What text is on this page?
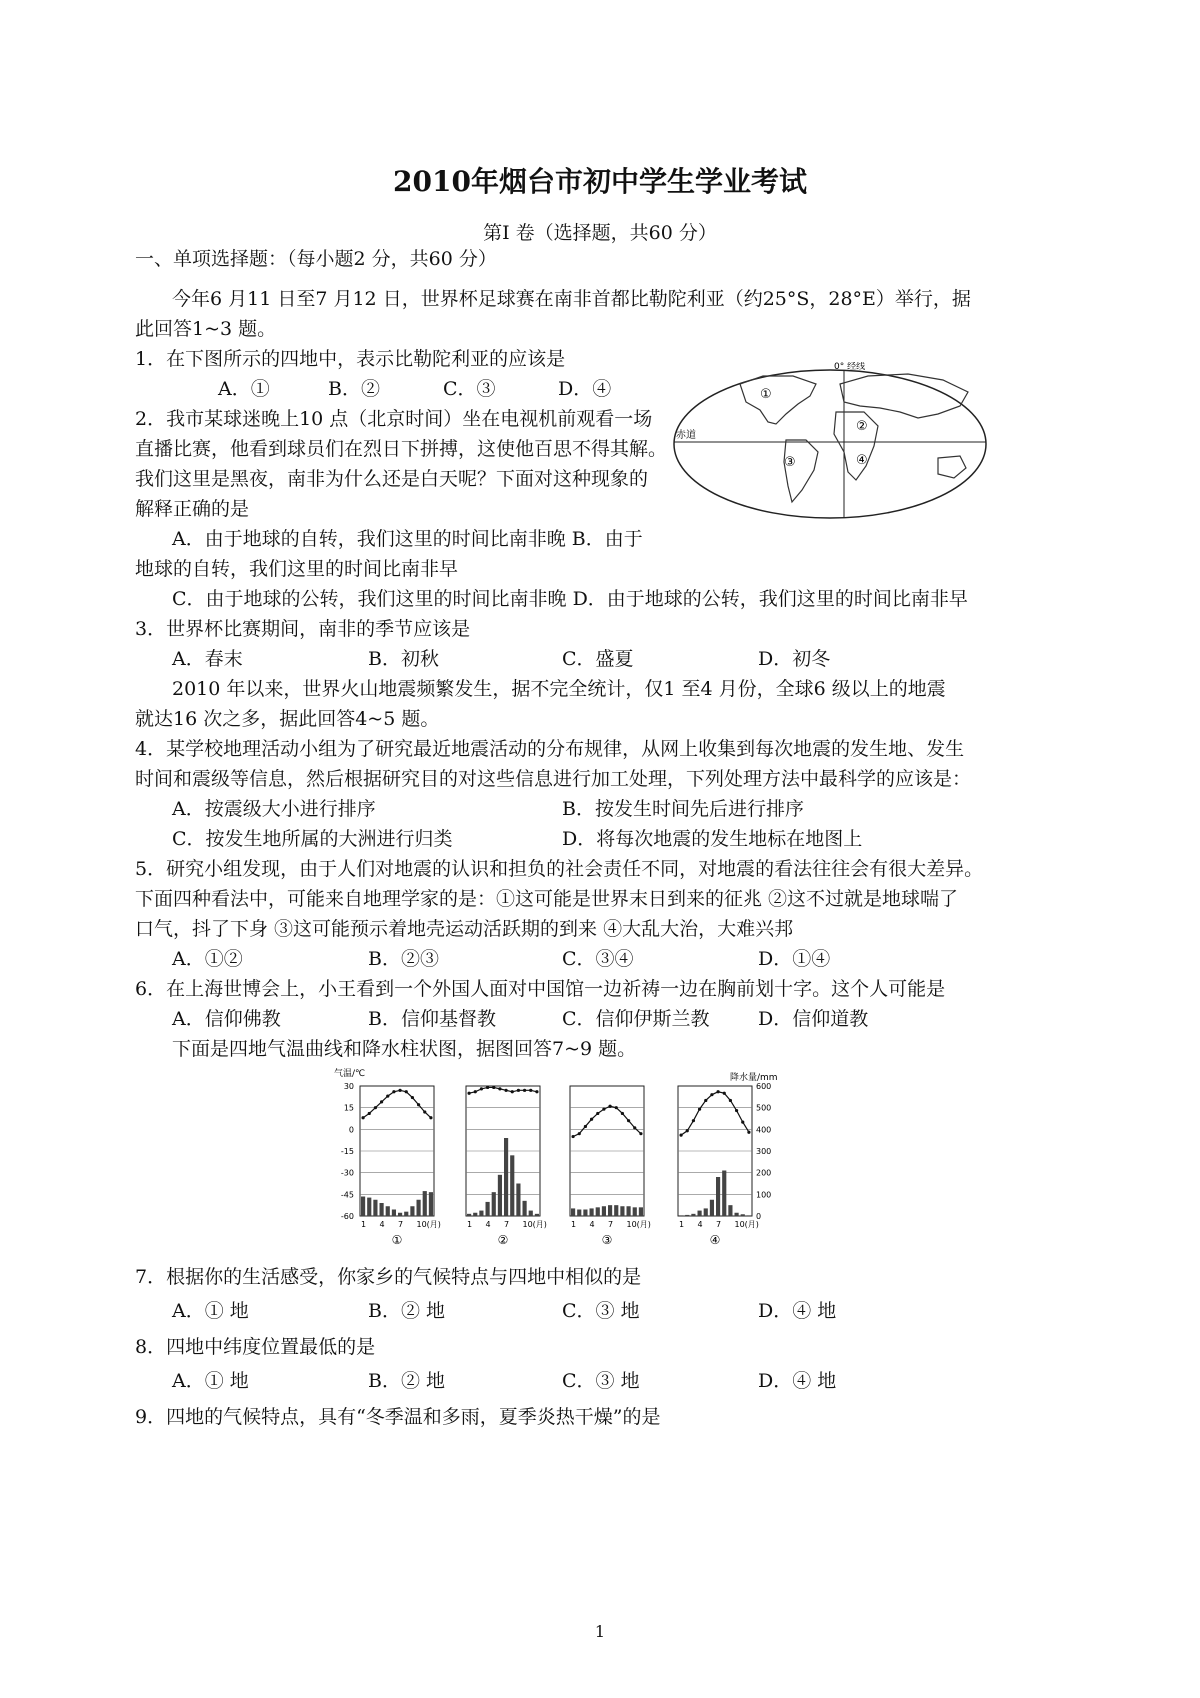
2010年烟台市初中学生学业考试
第I 卷（选择题，共60 分）
一、单项选择题：（每小题2 分，共60 分）
今年6 月11 日至7 月12 日，世界杯足球赛在南非首都比勒陀利亚（约25°S，28°E）举行，据
此回答1~3 题。
1．在下图所示的四地中，表示比勒陀利亚的应该是
A．①	B．②	C．③	D．④
2．我市某球迷晚上10 点（北京时间）坐在电视机前观看一场
直播比赛，他看到球员们在烈日下拼搏，这使他百思不得其解。
我们这里是黑夜，南非为什么还是白天呢？下面对这种现象的
解释正确的是
A．由于地球的自转，我们这里的时间比南非晚 B．由于
地球的自转，我们这里的时间比南非早
C．由于地球的公转，我们这里的时间比南非晚 D．由于地球的公转，我们这里的时间比南非早
0° 经线
赤道
①
②
③	④
3．世界杯比赛期间，南非的季节应该是
A．春末	B．初秋	C．盛夏	D．初冬
2010 年以来，世界火山地震频繁发生，据不完全统计，仅1 至4 月份，全球6 级以上的地震
就达16 次之多，据此回答4~5 题。
4．某学校地理活动小组为了研究最近地震活动的分布规律，从网上收集到每次地震的发生地、发生
时间和震级等信息，然后根据研究目的对这些信息进行加工处理，下列处理方法中最科学的应该是：
A．按震级大小进行排序	B．按发生时间先后进行排序
C．按发生地所属的大洲进行归类	D．将每次地震的发生地标在地图上
5．研究小组发现，由于人们对地震的认识和担负的社会责任不同，对地震的看法往往会有很大差异。
下面四种看法中，可能来自地理学家的是：①这可能是世界末日到来的征兆 ②这不过就是地球喘了
口气，抖了下身 ③这可能预示着地壳运动活跃期的到来 ④大乱大治，大难兴邦
A．①②	B．②③	C．③④	D．①④
6．在上海世博会上，小王看到一个外国人面对中国馆一边祈祷一边在胸前划十字。这个人可能是
A．信仰佛教	B．信仰基督教	C．信仰伊斯兰教	D．信仰道教
下面是四地气温曲线和降水柱状图，据图回答7~9 题。
气温/℃	降水量/mm
30
15
0
-15
-30
-45
-60
600
500
400
300
200
100
0
1 4 7 10(月)
①
1 4 7 10(月)
②
1 4 7 10(月)
③
1 4 7 10(月)
④
7．根据你的生活感受，你家乡的气候特点与四地中相似的是
A．① 地	B．② 地	C．③ 地	D．④ 地
8．四地中纬度位置最低的是
A．① 地	B．② 地	C．③ 地	D．④ 地
9．四地的气候特点，具有“冬季温和多雨，夏季炎热干燥”的是
1
